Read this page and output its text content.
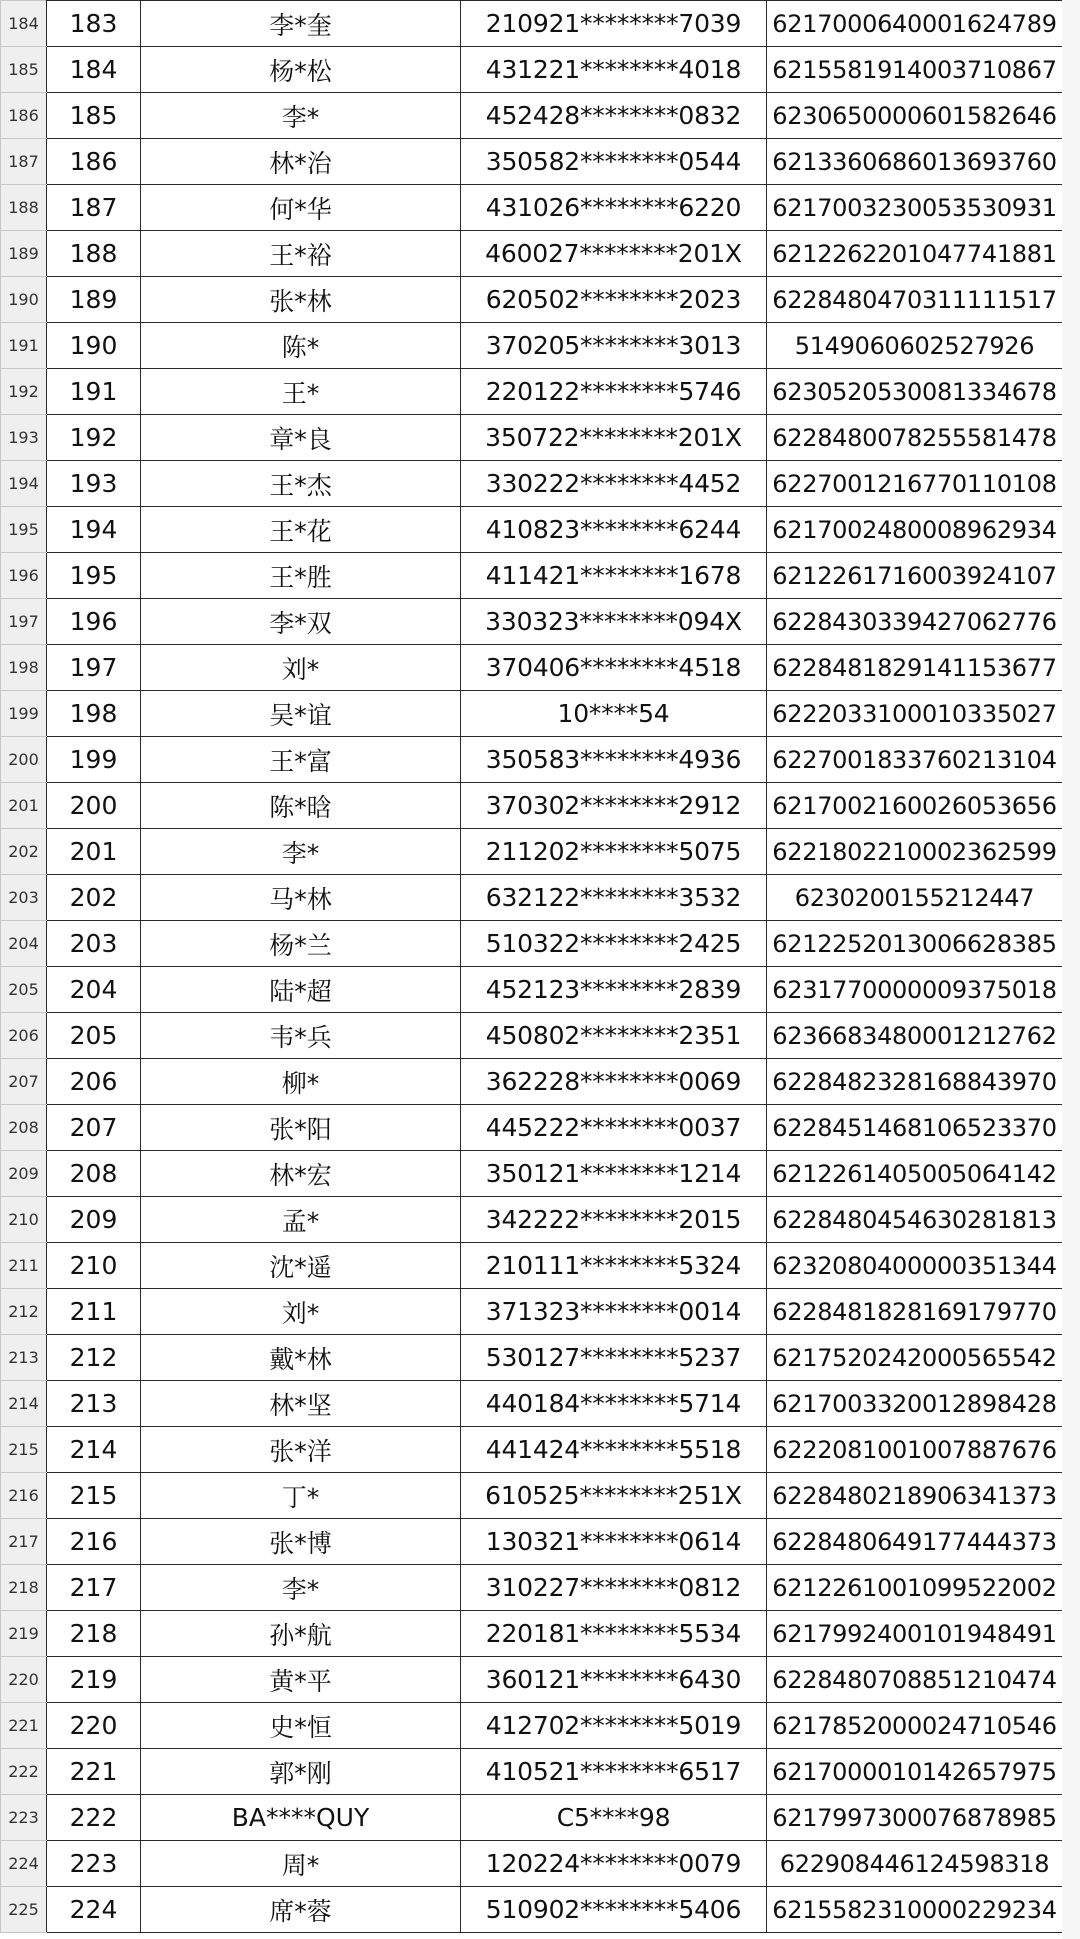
184	183	李*奎	210921********7039	6217000640001624789
185	184	杨*松	431221********4018	6215581914003710867
186	185	李*	452428********0832	6230650000601582646
187	186	林*治	350582********0544	6213360686013693760
188	187	何*华	431026********6220	6217003230053530931
189	188	王*裕	460027********201X	6212262201047741881
190	189	张*林	620502********2023	6228480470311111517
191	190	陈*	370205********3013	5149060602527926
192	191	王*	220122********5746	6230520530081334678
193	192	章*良	350722********201X	6228480078255581478
194	193	王*杰	330222********4452	6227001216770110108
195	194	王*花	410823********6244	6217002480008962934
196	195	王*胜	411421********1678	6212261716003924107
197	196	李*双	330323********094X	6228430339427062776
198	197	刘*	370406********4518	6228481829141153677
199	198	吴*谊	10****54	6222033100010335027
200	199	王*富	350583********4936	6227001833760213104
201	200	陈*晗	370302********2912	6217002160026053656
202	201	李*	211202********5075	6221802210002362599
203	202	马*林	632122********3532	6230200155212447
204	203	杨*兰	510322********2425	6212252013006628385
205	204	陆*超	452123********2839	6231770000009375018
206	205	韦*兵	450802********2351	6236683480001212762
207	206	柳*	362228********0069	6228482328168843970
208	207	张*阳	445222********0037	6228451468106523370
209	208	林*宏	350121********1214	6212261405005064142
210	209	孟*	342222********2015	6228480454630281813
211	210	沈*遥	210111********5324	6232080400000351344
212	211	刘*	371323********0014	6228481828169179770
213	212	戴*林	530127********5237	6217520242000565542
214	213	林*坚	440184********5714	6217003320012898428
215	214	张*洋	441424********5518	6222081001007887676
216	215	丁*	610525********251X	6228480218906341373
217	216	张*博	130321********0614	6228480649177444373
218	217	李*	310227********0812	6212261001099522002
219	218	孙*航	220181********5534	6217992400101948491
220	219	黄*平	360121********6430	6228480708851210474
221	220	史*恒	412702********5019	6217852000024710546
222	221	郭*刚	410521********6517	6217000010142657975
223	222	BA****QUY	C5****98	6217997300076878985
224	223	周*	120224********0079	622908446124598318
225	224	席*蓉	510902********5406	6215582310000229234
